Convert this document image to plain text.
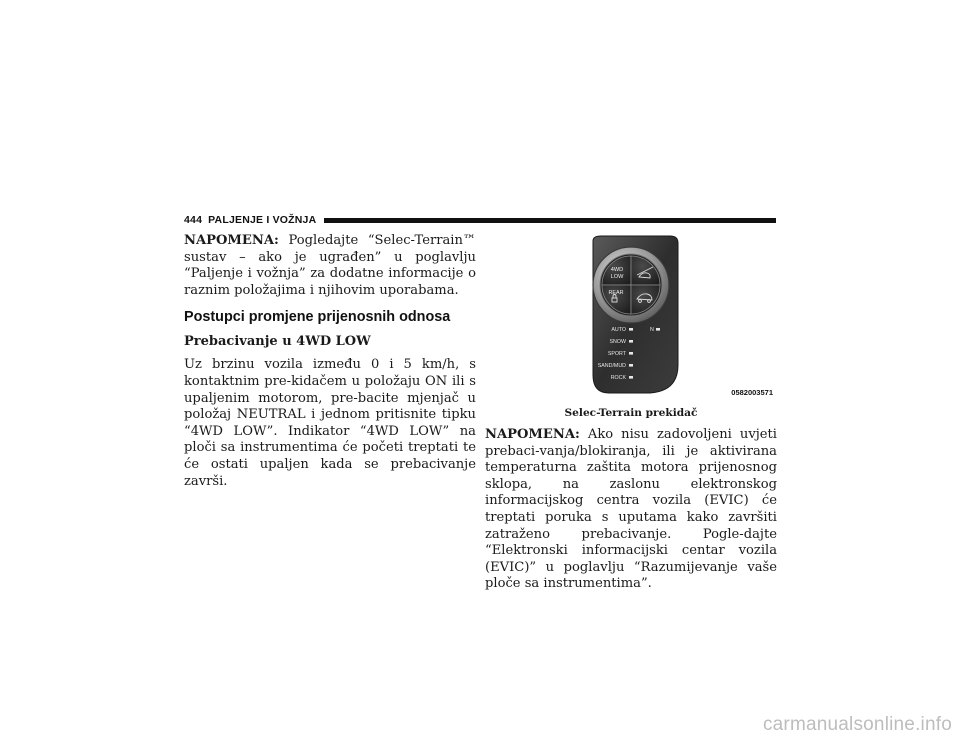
444 PALJENJE I VOŽNJA

NAPOMENA: Pogledajte “Selec-Terrain™ sustav – ako je ugrađen” u poglavlju “Paljenje i vožnja” za dodatne informacije o raznim položajima i njihovim uporabama.

Postupci promjene prijenosnih odnosa
Prebacivanje u 4WD LOW

Uz brzinu vozila između 0 i 5 km/h, s kontaktnim pre-kidačem u položaju ON ili s upaljenim motorom, pre-bacite mjenjač u položaj NEUTRAL i jednom pritisnite tipku “4WD LOW”. Indikator “4WD LOW” na ploči sa instrumentima će početi treptati te će ostati upaljen kada se prebacivanje završi.

4WD
LOW
REAR
AUTO
SNOW
SPORT
SAND/MUD
ROCK
N
0582003571
Selec-Terrain prekidač

NAPOMENA: Ako nisu zadovoljeni uvjeti prebaci-vanja/blokiranja, ili je aktivirana temperaturna zaštita motora prijenosnog sklopa, na zaslonu elektronskog informacijskog centra vozila (EVIC) će treptati poruka s uputama kako završiti zatraženo prebacivanje. Pogle-dajte “Elektronski informacijski centar vozila (EVIC)” u poglavlju “Razumijevanje vaše ploče sa instrumentima”.

carmanualsonline.info
